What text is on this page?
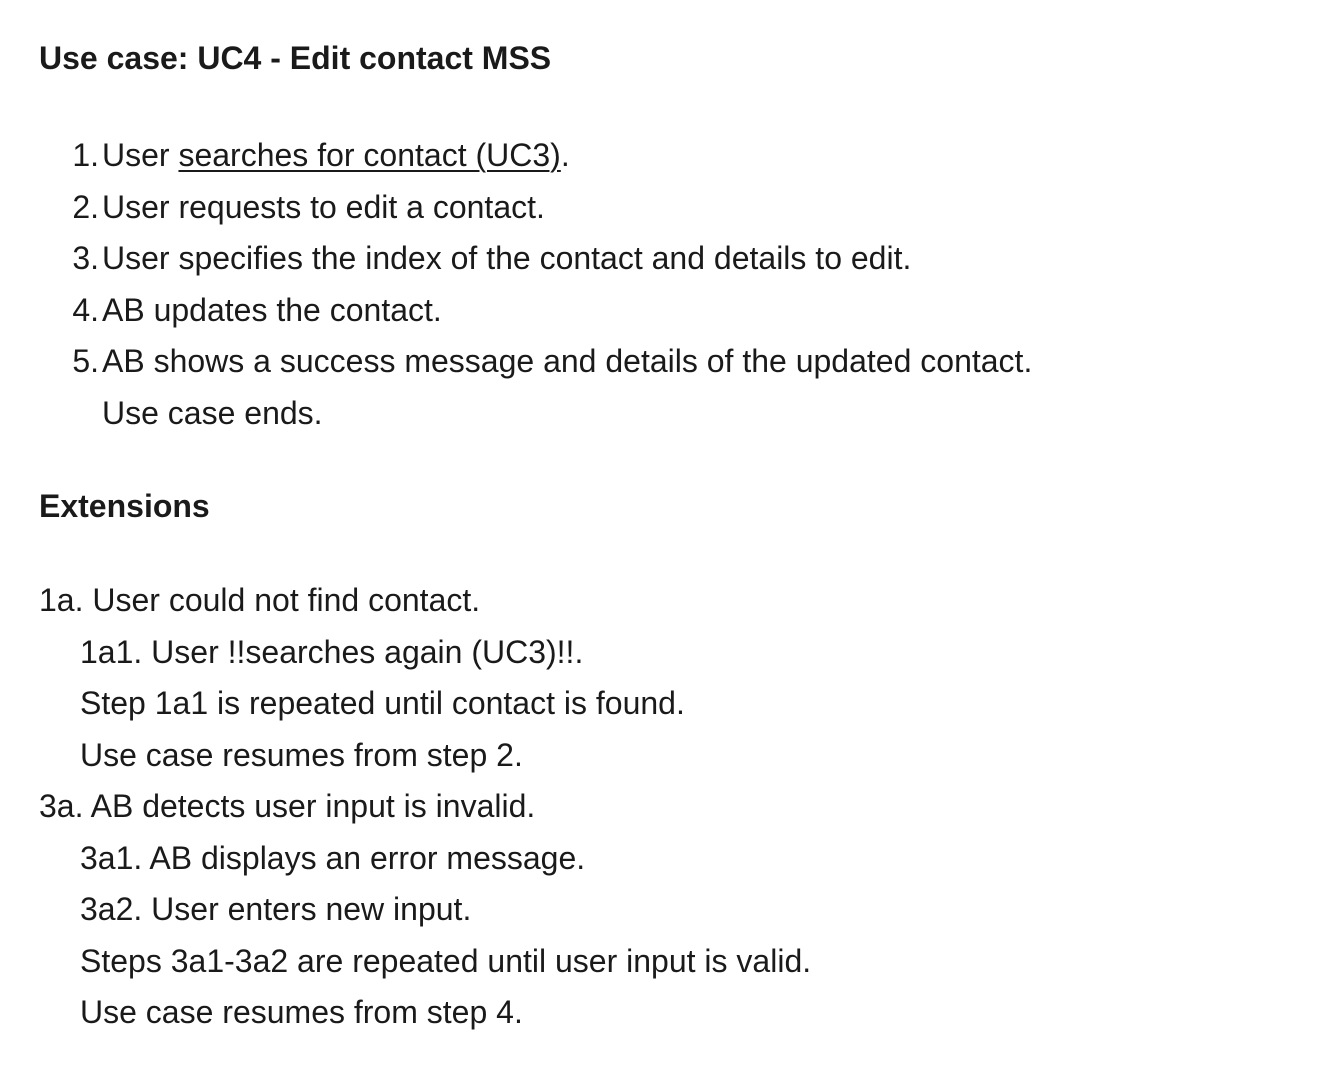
Use case: UC4 - Edit contact MSS
1. User searches for contact (UC3).
2. User requests to edit a contact.
3. User specifies the index of the contact and details to edit.
4. AB updates the contact.
5. AB shows a success message and details of the updated contact.
Use case ends.
Extensions
1a. User could not find contact.
1a1. User !!searches again (UC3)!!.
Step 1a1 is repeated until contact is found.
Use case resumes from step 2.
3a. AB detects user input is invalid.
3a1. AB displays an error message.
3a2. User enters new input.
Steps 3a1-3a2 are repeated until user input is valid.
Use case resumes from step 4.
